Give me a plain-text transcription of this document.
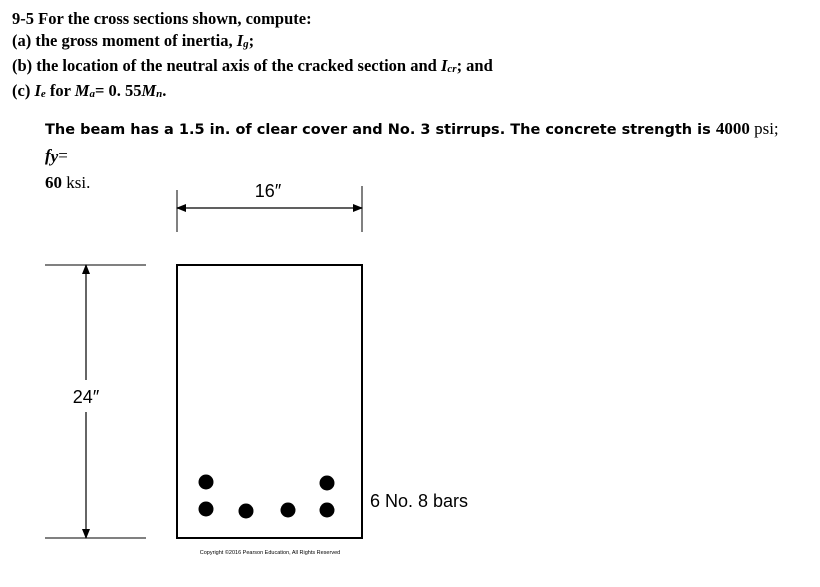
9-5 For the cross sections shown, compute:
(a) the gross moment of inertia, Ig;
(b) the location of the neutral axis of the cracked section and Icr; and
(c) Ie for Ma= 0. 55Mn.
The beam has a 1.5 in. of clear cover and No. 3 stirrups. The concrete strength is 4000 psi; fy=
60 ksi.	16″
24″
6 No. 8 bars
Copyright ©2016 Pearson Education, All Rights Reserved
